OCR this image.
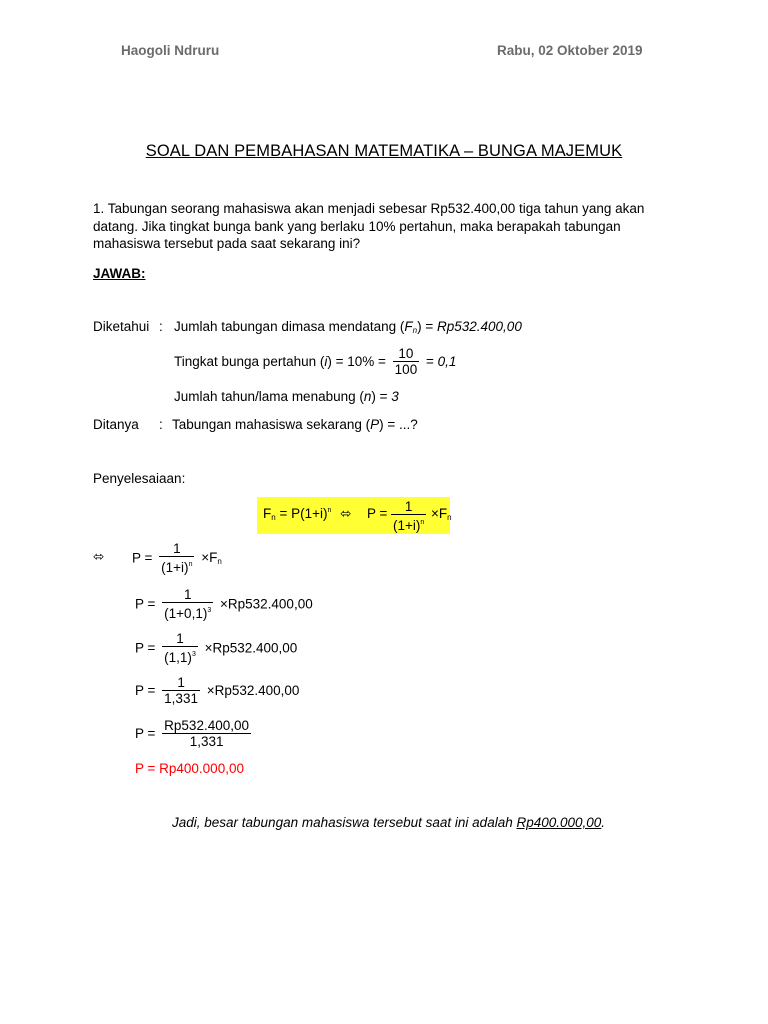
Haogoli Ndruru	Rabu, 02 Oktober 2019
SOAL DAN PEMBAHASAN MATEMATIKA – BUNGA MAJEMUK
1. Tabungan seorang mahasiswa akan menjadi sebesar Rp532.400,00 tiga tahun yang akan datang. Jika tingkat bunga bank yang berlaku 10% pertahun, maka berapakah tabungan mahasiswa tersebut pada saat sekarang ini?
JAWAB:
Diketahui : Jumlah tabungan dimasa mendatang $(F_n) = Rp532.400,00$
Tingkat bunga pertahun $(i) = 10\% = \frac{10}{100} = 0,1$
Jumlah tahun/lama menabung (n) = 3
Ditanya : Tabungan mahasiswa sekarang (P) = ...?
Penyelesaiaan:
$F_n = P(1+i)^n$ ⬄ $P = \frac{1}{(1+i)^n} \times F_n$
⬄ $P = \frac{1}{(1+i)^n} \times F_n$
$P = \frac{1}{(1+0,1)^3} \times Rp532.400,00$
$P = \frac{1}{(1,1)^3} \times Rp532.400,00$
$P = \frac{1}{1,331} \times Rp532.400,00$
$P = \frac{Rp532.400,00}{1,331}$
P = Rp400.000,00
Jadi, besar tabungan mahasiswa tersebut saat ini adalah Rp400.000,00.
